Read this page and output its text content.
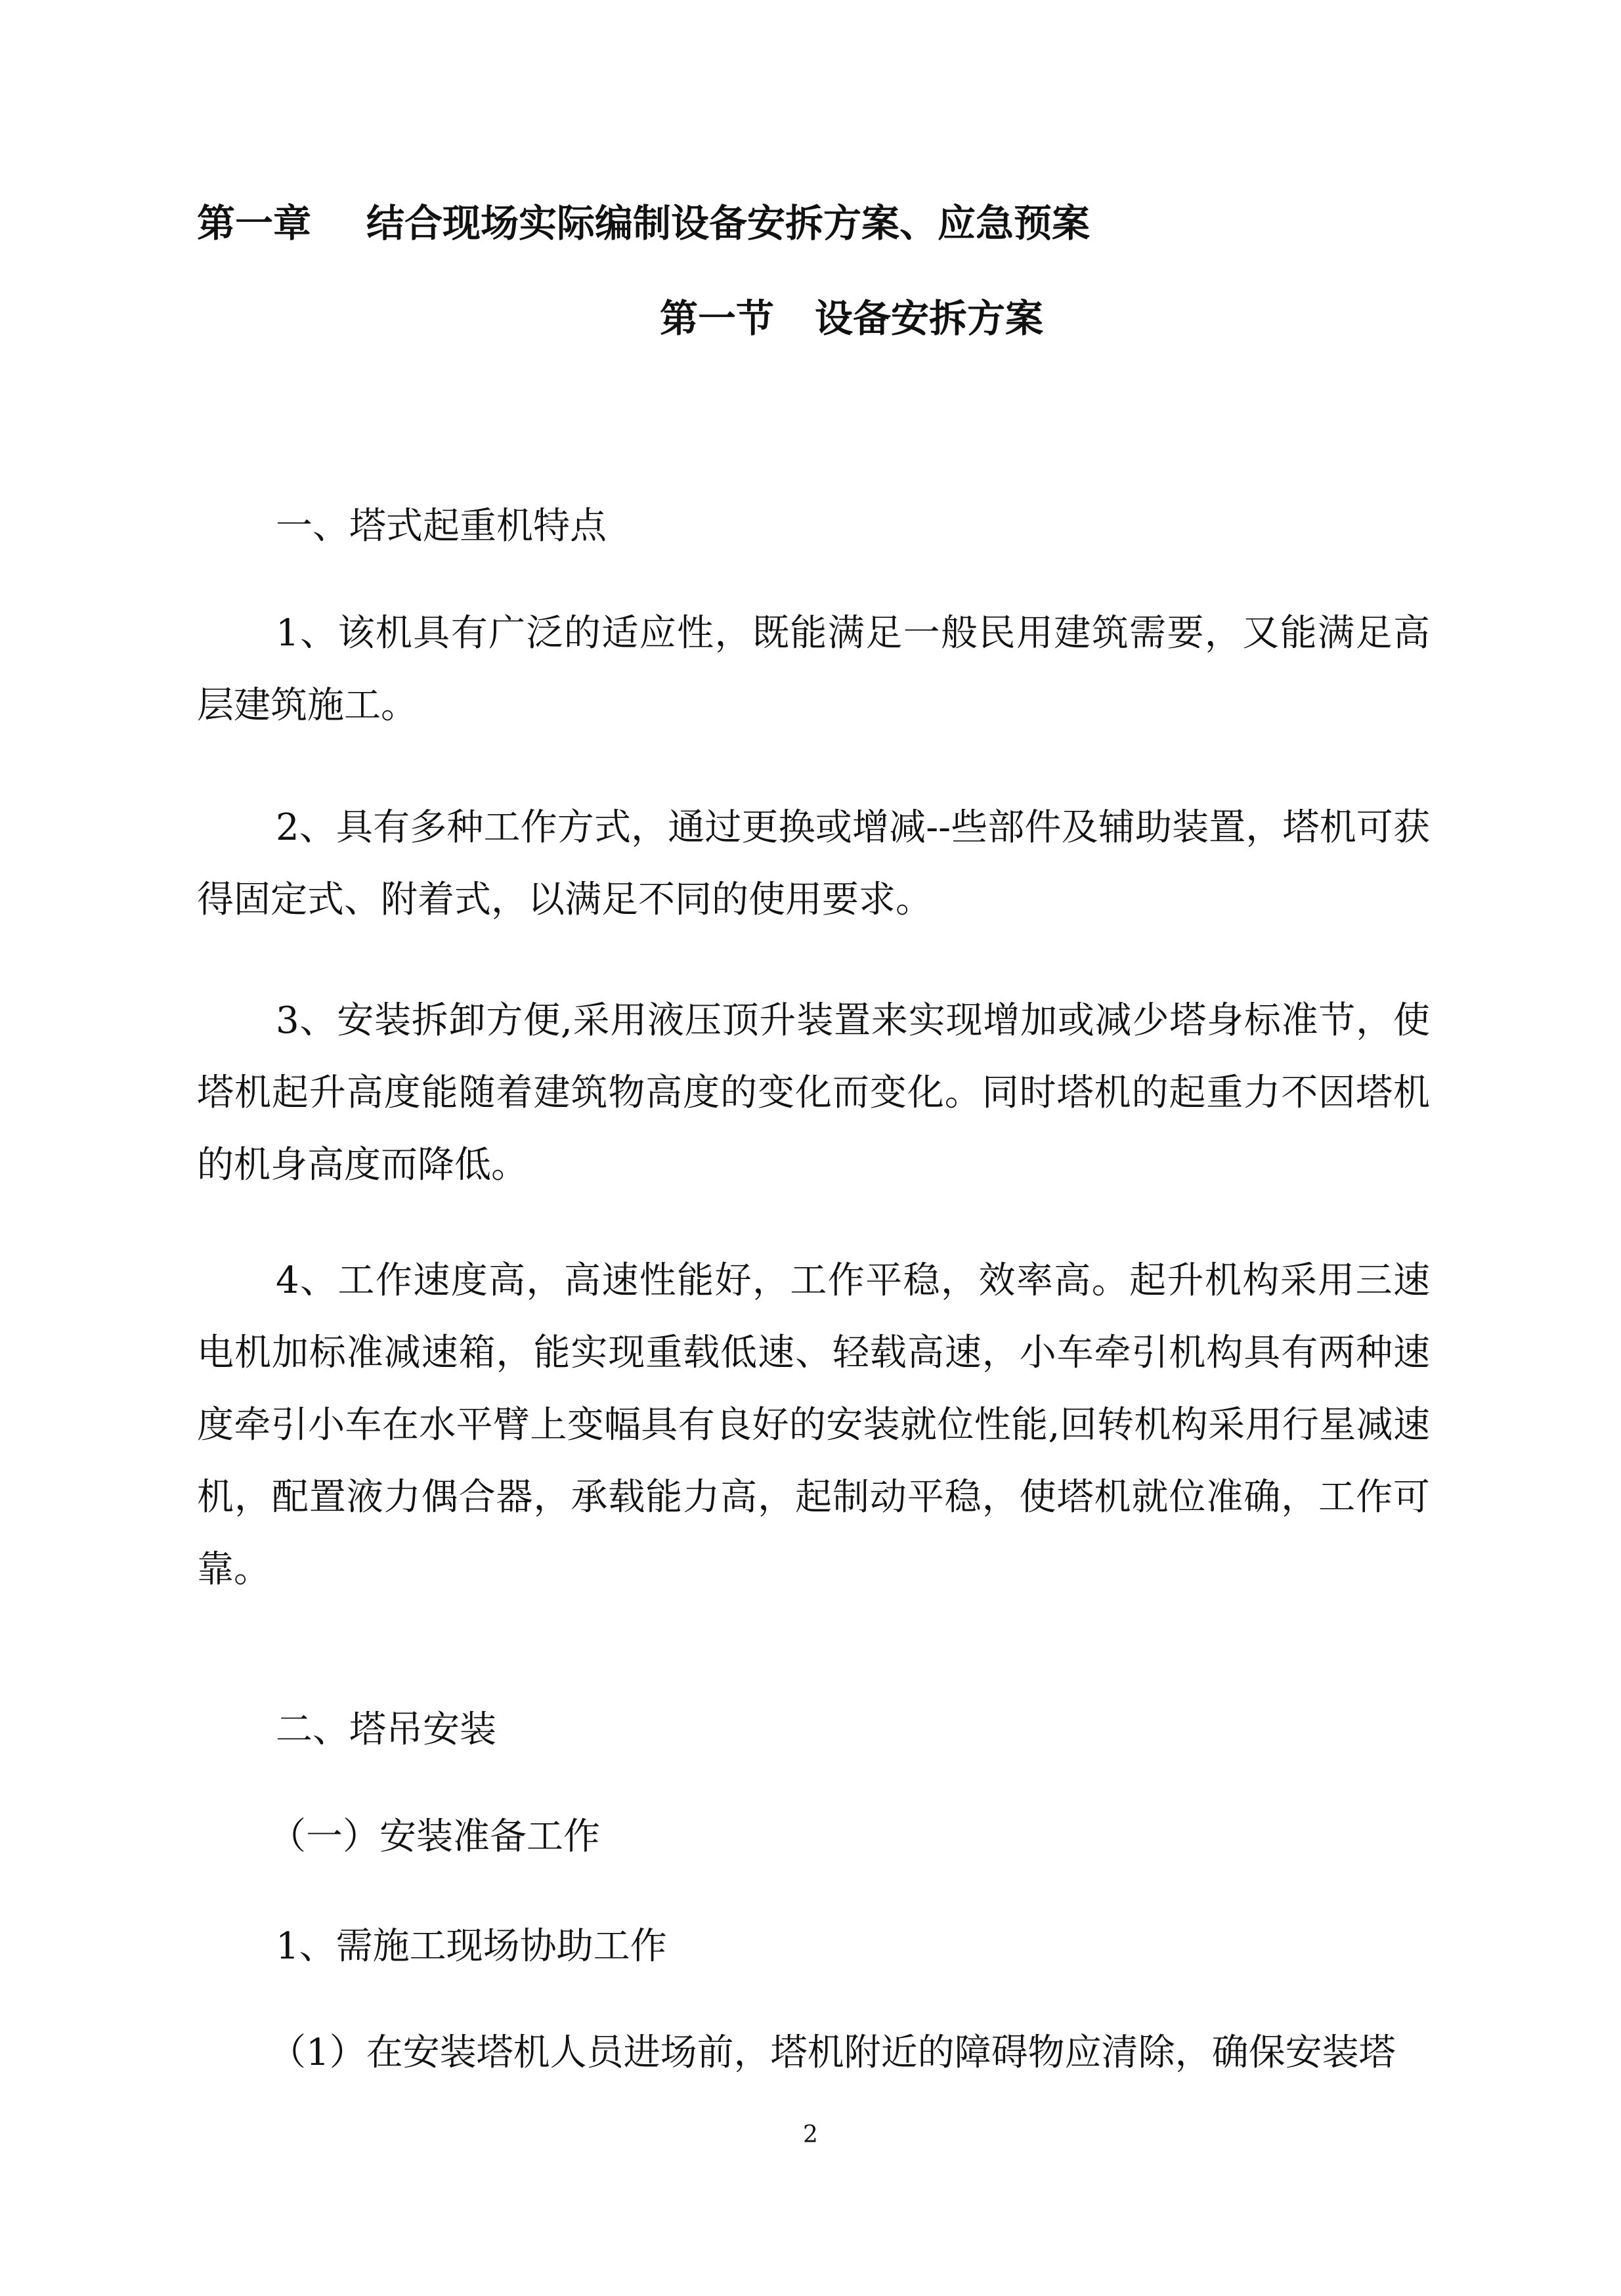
第一章 结合现场实际编制设备安拆方案、应急预案
第一节 设备安拆方案
一、塔式起重机特点

1、该机具有广泛的适应性，既能满足一般民用建筑需要，又能满足高层建筑施工。

2、具有多种工作方式，通过更换或增减--些部件及辅助装置，塔机可获得固定式、附着式，以满足不同的使用要求。

3、安装拆卸方便,采用液压顶升装置来实现增加或减少塔身标准节，使塔机起升高度能随着建筑物高度的变化而变化。同时塔机的起重力不因塔机的机身高度而降低。

4、工作速度高，高速性能好，工作平稳，效率高。起升机构采用三速电机加标准减速箱，能实现重载低速、轻载高速，小车牵引机构具有两种速度牵引小车在水平臂上变幅具有良好的安装就位性能,回转机构采用行星减速机，配置液力偶合器，承载能力高，起制动平稳，使塔机就位准确，工作可靠。

二、塔吊安装
（一）安装准备工作
1、需施工现场协助工作
（1）在安装塔机人员进场前，塔机附近的障碍物应清除，确保安装塔
2
